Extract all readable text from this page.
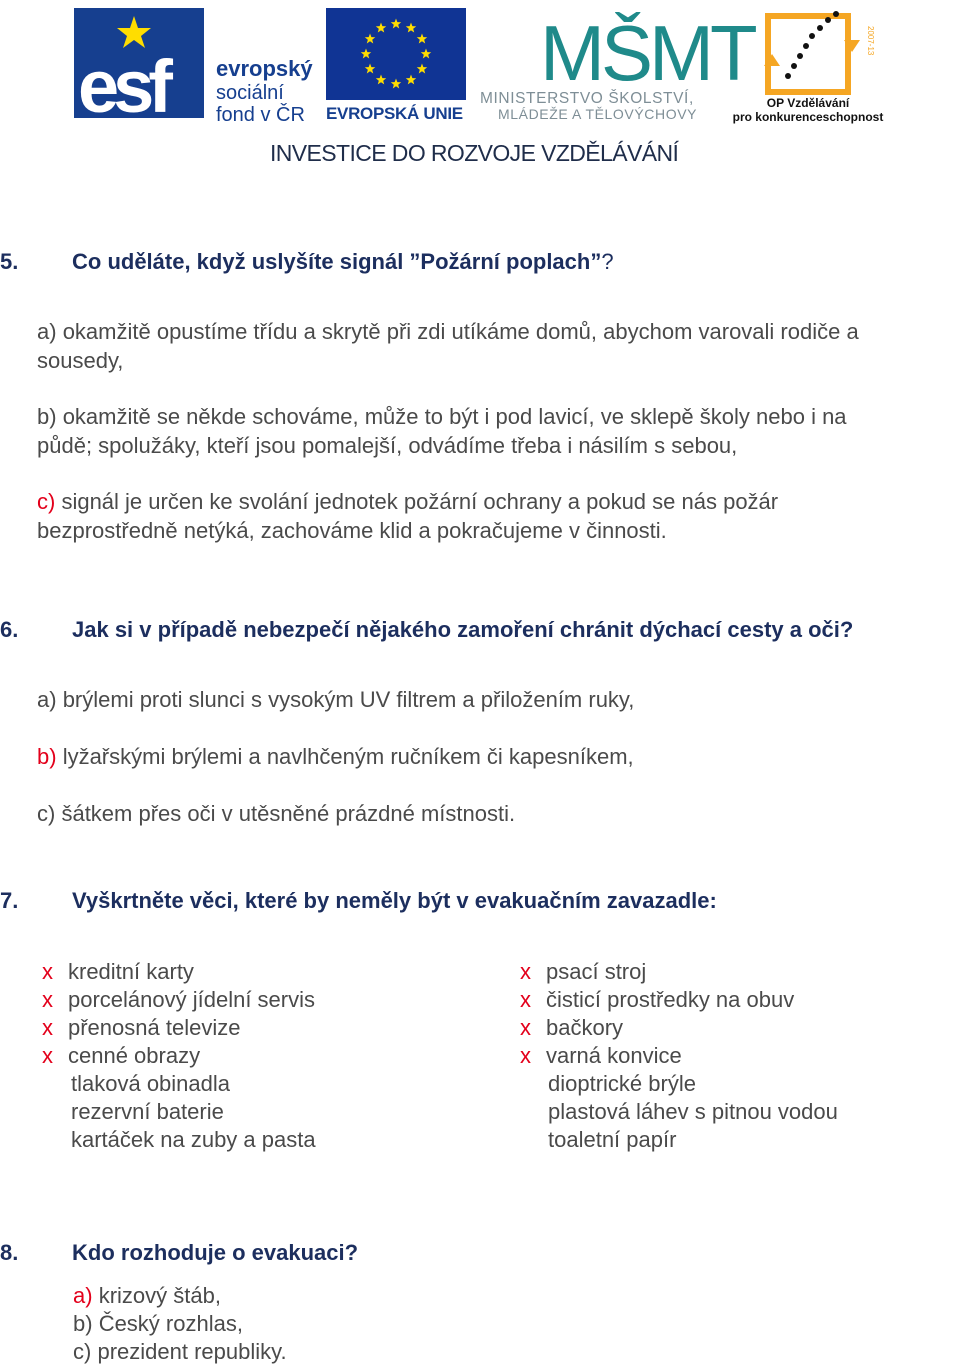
esf evropský
sociální
fond v ČR EVROPSKÁ UNIE
MŠMT
MINISTERSTVO ŠKOLSTVÍ,
MLÁDEŽE A TĚLOVÝCHOVY
2007-13
OP Vzdělávání
pro konkurenceschopnost
INVESTICE DO ROZVOJE VZDĚLÁVÁNÍ
5. Co uděláte, když uslyšíte signál ”Požární poplach”?
a) okamžitě opustíme třídu a skrytě při zdi utíkáme domů, abychom varovali rodiče a
sousedy,
b) okamžitě se někde schováme, může to být i pod lavicí, ve sklepě školy nebo i na
půdě; spolužáky, kteří jsou pomalejší, odvádíme třeba i násilím s sebou,
c) signál je určen ke svolání jednotek požární ochrany a pokud se nás požár
bezprostředně netýká, zachováme klid a pokračujeme v činnosti.
6. Jak si v případě nebezpečí nějakého zamoření chránit dýchací cesty a oči?
a) brýlemi proti slunci s vysokým UV filtrem a přiložením ruky,
b) lyžařskými brýlemi a navlhčeným ručníkem či kapesníkem,
c) šátkem přes oči v utěsněné prázdné místnosti.
7. Vyškrtněte věci, které by neměly být v evakuačním zavazadle:
x kreditní karty
x porcelánový jídelní servis
x přenosná televize
x cenné obrazy
tlaková obinadla
rezervní baterie
kartáček na zuby a pasta
x psací stroj
x čisticí prostředky na obuv
x bačkory
x varná konvice
dioptrické brýle
plastová láhev s pitnou vodou
toaletní papír
8. Kdo rozhoduje o evakuaci?
a) krizový štáb,
b) Český rozhlas,
c) prezident republiky.
